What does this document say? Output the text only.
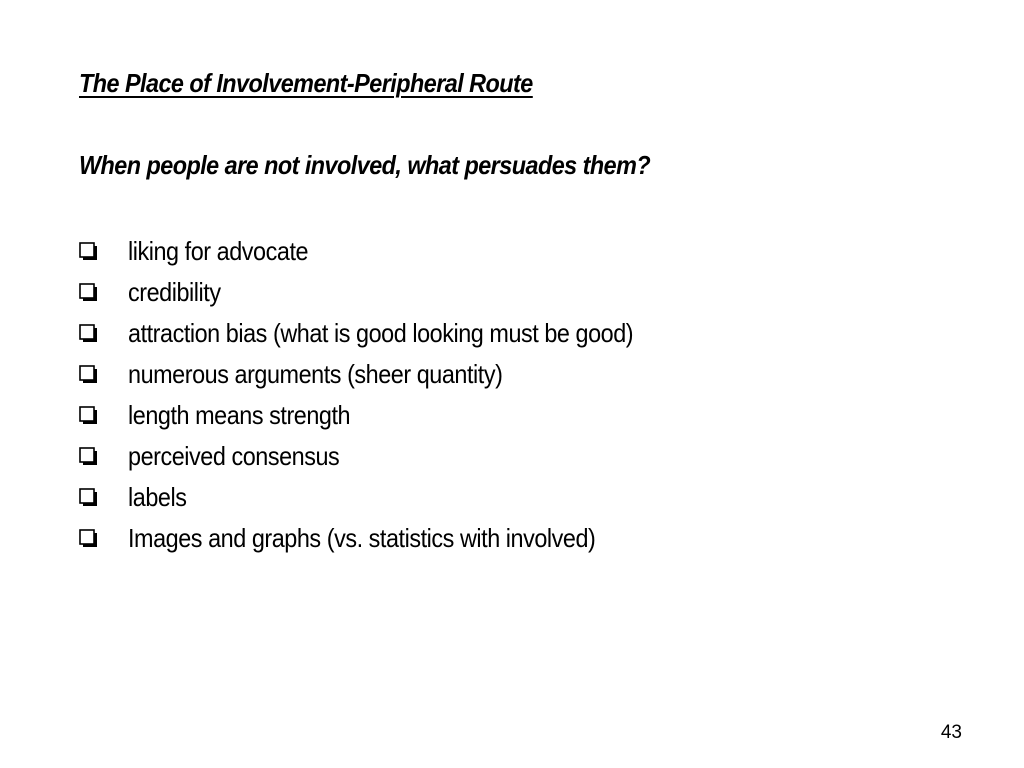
The Place of Involvement-Peripheral Route
When people are not involved, what persuades them?
liking for advocate
credibility
attraction bias (what is good looking must be good)
numerous arguments (sheer quantity)
length means strength
perceived consensus
labels
Images and graphs (vs. statistics with involved)
43
